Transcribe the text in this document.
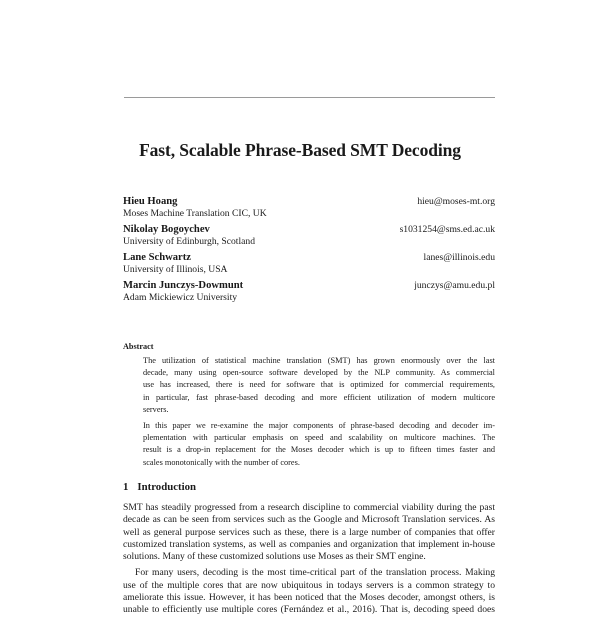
Fast, Scalable Phrase-Based SMT Decoding
Hieu Hoang	hieu@moses-mt.org
Moses Machine Translation CIC, UK
Nikolay Bogoychev	s1031254@sms.ed.ac.uk
University of Edinburgh, Scotland
Lane Schwartz	lanes@illinois.edu
University of Illinois, USA
Marcin Junczys-Dowmunt	junczys@amu.edu.pl
Adam Mickiewicz University
Abstract
The utilization of statistical machine translation (SMT) has grown enormously over the last
decade, many using open-source software developed by the NLP community. As commercial
use has increased, there is need for software that is optimized for commercial requirements,
in particular, fast phrase-based decoding and more efficient utilization of modern multicore
servers.
In this paper we re-examine the major components of phrase-based decoding and decoder im-
plementation with particular emphasis on speed and scalability on multicore machines. The
result is a drop-in replacement for the Moses decoder which is up to fifteen times faster and
scales monotonically with the number of cores.
1 Introduction
SMT has steadily progressed from a research discipline to commercial viability during the past
decade as can be seen from services such as the Google and Microsoft Translation services. As
well as general purpose services such as these, there is a large number of companies that offer
customized translation systems, as well as companies and organization that implement in-house
solutions. Many of these customized solutions use Moses as their SMT engine.
For many users, decoding is the most time-critical part of the translation process. Making
use of the multiple cores that are now ubiquitous in todays servers is a common strategy to
ameliorate this issue. However, it has been noticed that the Moses decoder, amongst others, is
unable to efficiently use multiple cores (Fernández et al., 2016). That is, decoding speed does
